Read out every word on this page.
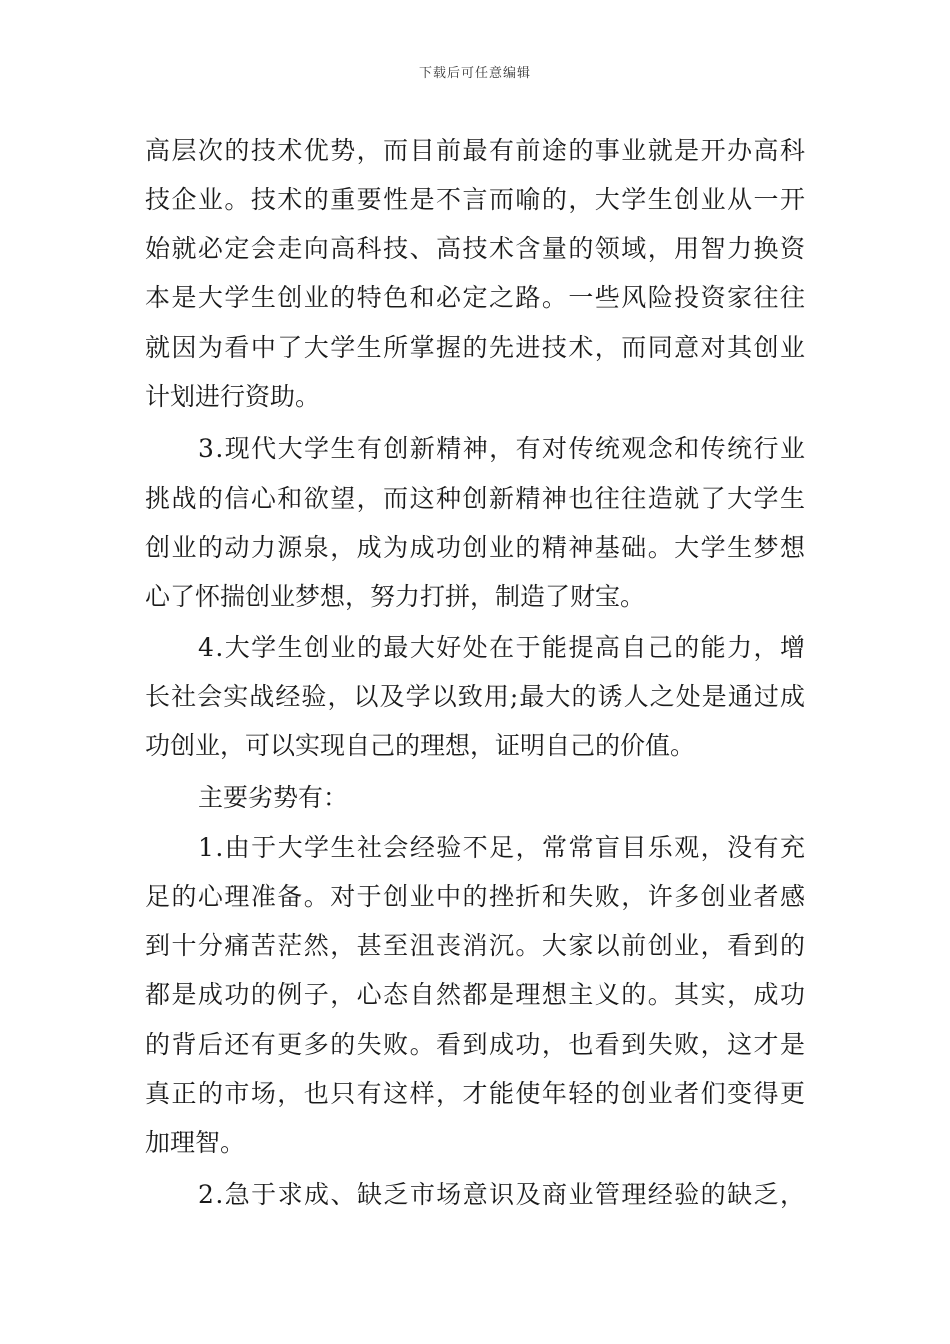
下载后可任意编辑
高层次的技术优势，而目前最有前途的事业就是开办高科
技企业。技术的重要性是不言而喻的，大学生创业从一开
始就必定会走向高科技、高技术含量的领域，用智力换资
本是大学生创业的特色和必定之路。一些风险投资家往往
就因为看中了大学生所掌握的先进技术，而同意对其创业
计划进行资助。
3.现代大学生有创新精神，有对传统观念和传统行业
挑战的信心和欲望，而这种创新精神也往往造就了大学生
创业的动力源泉，成为成功创业的精神基础。大学生梦想
心了怀揣创业梦想，努力打拼，制造了财宝。
4.大学生创业的最大好处在于能提高自己的能力，增
长社会实战经验，以及学以致用;最大的诱人之处是通过成
功创业，可以实现自己的理想，证明自己的价值。
主要劣势有：
1.由于大学生社会经验不足，常常盲目乐观，没有充
足的心理准备。对于创业中的挫折和失败，许多创业者感
到十分痛苦茫然，甚至沮丧消沉。大家以前创业，看到的
都是成功的例子，心态自然都是理想主义的。其实，成功
的背后还有更多的失败。看到成功，也看到失败，这才是
真正的市场，也只有这样，才能使年轻的创业者们变得更
加理智。
2.急于求成、缺乏市场意识及商业管理经验的缺乏，
